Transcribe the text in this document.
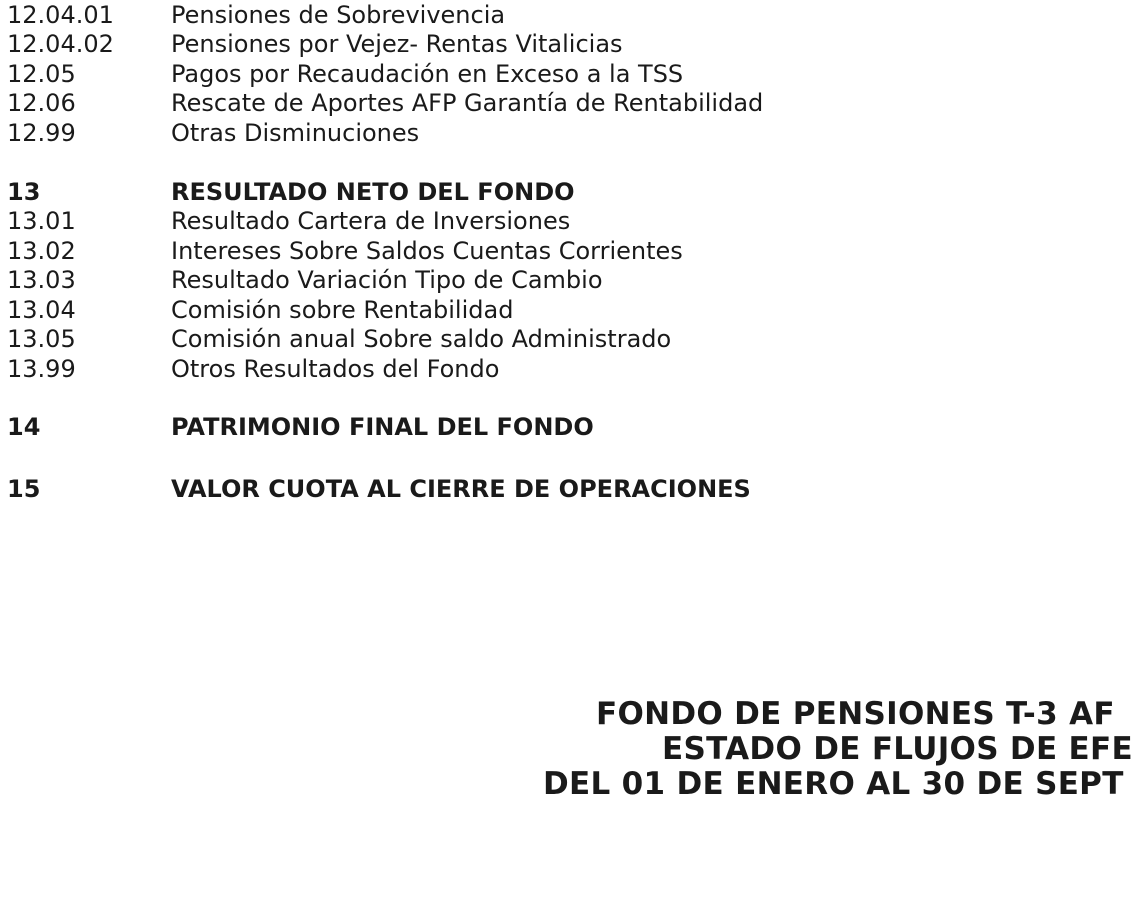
12.04.01 Pensiones de Sobrevivencia
12.04.02 Pensiones por Vejez- Rentas Vitalicias
12.05	Pagos por Recaudación en Exceso a la TSS
12.06	Rescate de Aportes AFP Garantía de Rentabilidad
12.99	Otras Disminuciones
13	RESULTADO NETO DEL FONDO
13.01	Resultado Cartera de Inversiones
13.02	Intereses Sobre Saldos Cuentas Corrientes
13.03	Resultado Variación Tipo de Cambio
13.04	Comisión sobre Rentabilidad
13.05	Comisión anual Sobre saldo Administrado
13.99	Otros Resultados del Fondo
14	PATRIMONIO FINAL DEL FONDO
15	VALOR CUOTA AL CIERRE DE OPERACIONES
FONDO DE PENSIONES T-3 AF
ESTADO DE FLUJOS DE EFE
DEL 01 DE ENERO AL 30 DE SEPT
